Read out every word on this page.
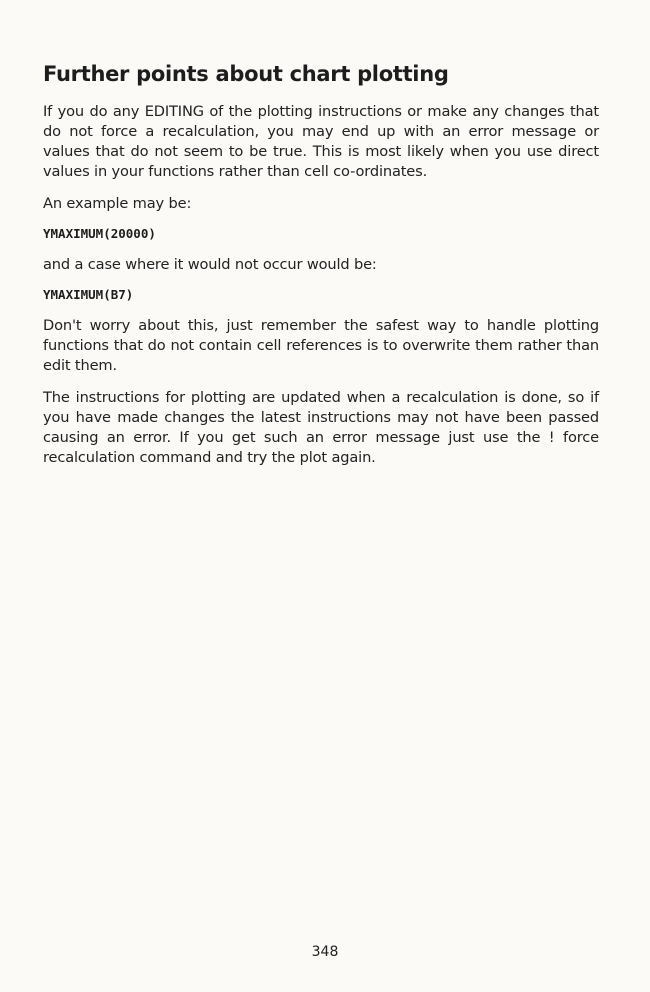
Further points about chart plotting

If you do any EDITING of the plotting instructions or make any changes that do not force a recalculation, you may end up with an error message or values that do not seem to be true. This is most likely when you use direct values in your functions rather than cell co-ordinates.

An example may be:

YMAXIMUM(20000)

and a case where it would not occur would be:

YMAXIMUM(B7)

Don't worry about this, just remember the safest way to handle plotting functions that do not contain cell references is to overwrite them rather than edit them.

The instructions for plotting are updated when a recalculation is done, so if you have made changes the latest instructions may not have been passed causing an error. If you get such an error message just use the ! force recalculation command and try the plot again.

348
